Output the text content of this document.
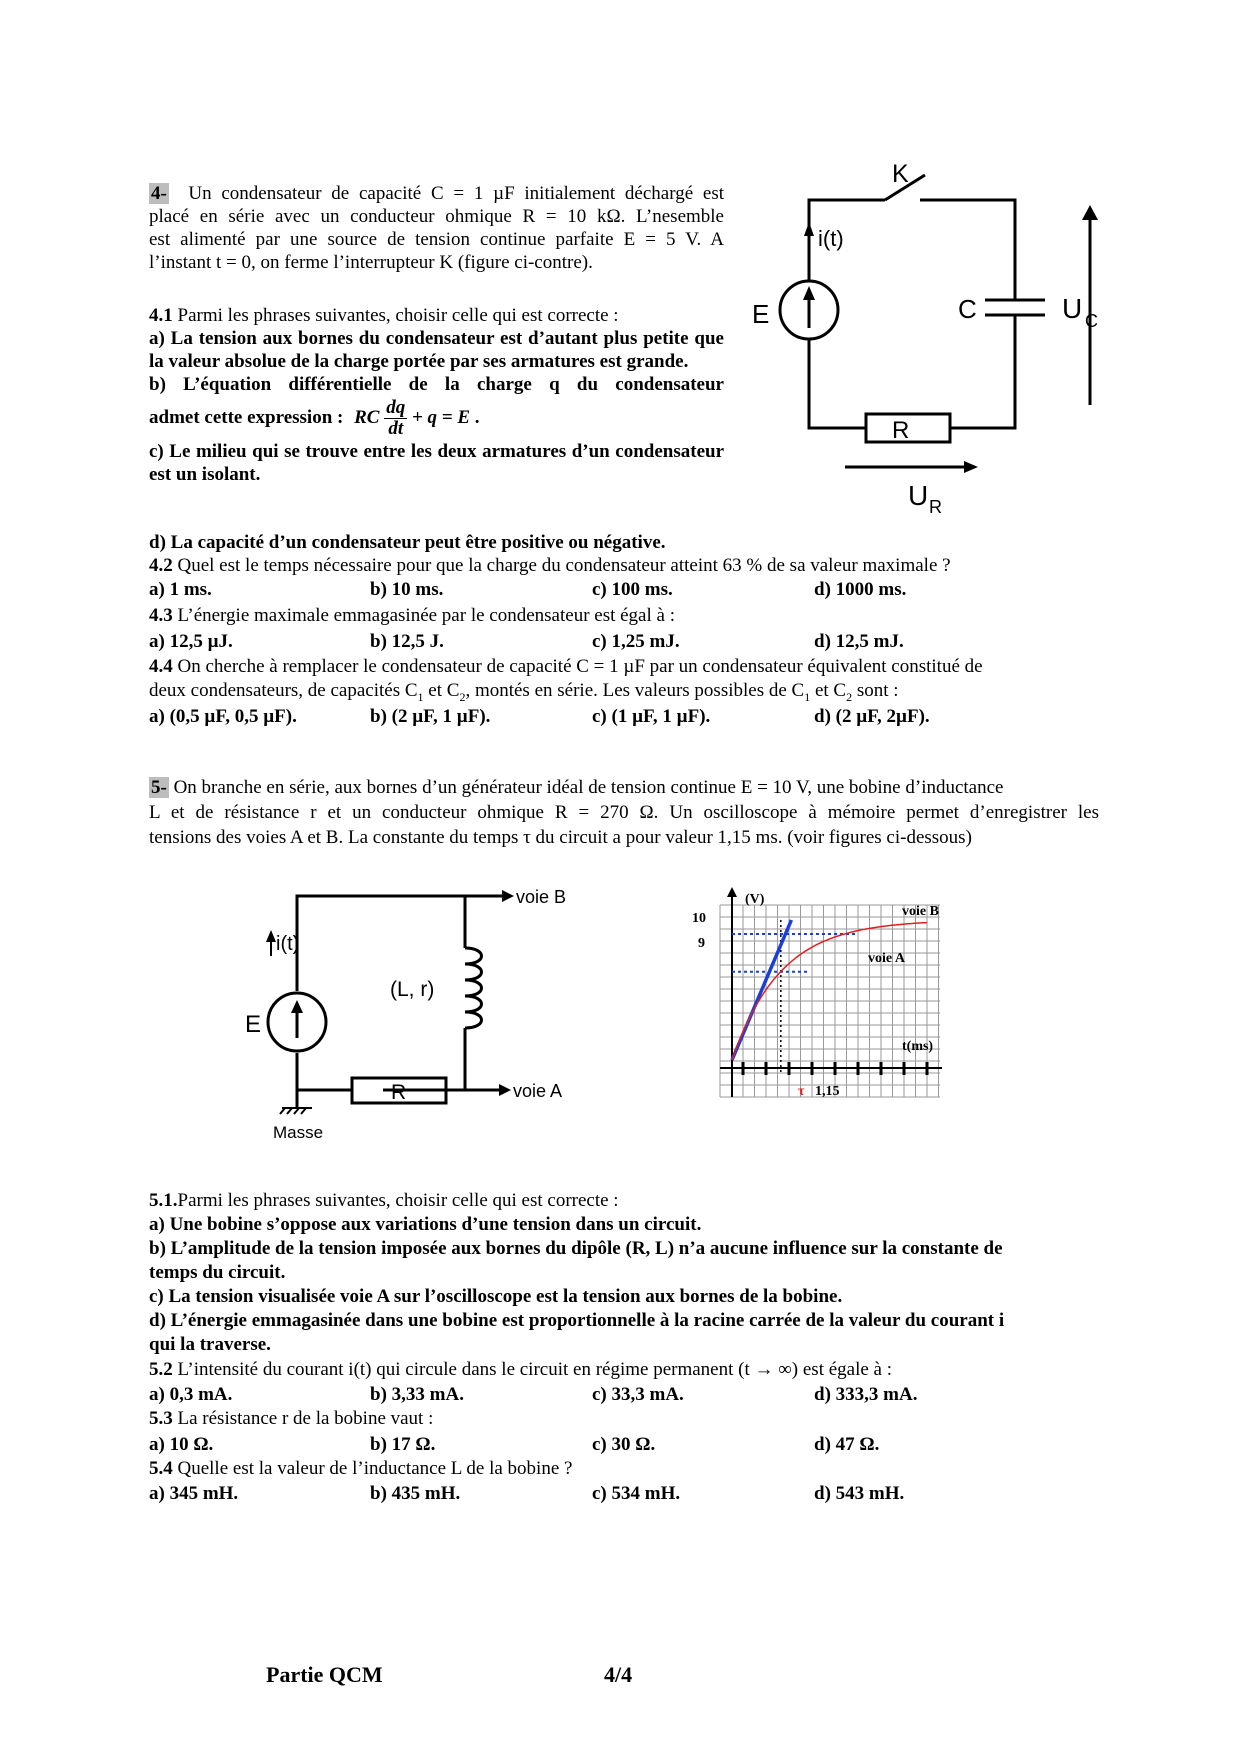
4- Un condensateur de capacité C = 1 µF initialement déchargé est
placé en série avec un conducteur ohmique R = 10 kΩ. L’nesemble
est alimenté par une source de tension continue parfaite E = 5 V. A
l’instant t = 0, on ferme l’interrupteur K (figure ci-contre).
4.1 Parmi les phrases suivantes, choisir celle qui est correcte :

a) La tension aux bornes du condensateur est d’autant plus petite que la valeur absolue de la charge portée par ses armatures est grande.

b) L’équation différentielle de la charge q du condensateur
admet cette expression : RC $\frac{dq}{dt} + q = E$ .

c) Le milieu qui se trouve entre les deux armatures d’un condensateur est un isolant.

d) La capacité d’un condensateur peut être positive ou négative.
K
i(t)
E	C
R
U C
U R
4.2 Quel est le temps nécessaire pour que la charge du condensateur atteint 63 % de sa valeur maximale ?
a) 1 ms.	b) 10 ms.	c) 100 ms.	d) 1000 ms.
4.3 L’énergie maximale emmagasinée par le condensateur est égal à :
a) 12,5 µJ.	b) 12,5 J.	c) 1,25 mJ.	d) 12,5 mJ.
4.4 On cherche à remplacer le condensateur de capacité C = 1 µF par un condensateur équivalent constitué de
deux condensateurs, de capacités $C_1$ et $C_2$, montés en série. Les valeurs possibles de $C_1$ et $C_2$ sont :
a) (0,5 µF, 0,5 µF).	b) (2 µF, 1 µF).	c) (1 µF, 1 µF).	d) (2 µF, 2µF).
5- On branche en série, aux bornes d’un générateur idéal de tension continue E = 10 V, une bobine d’inductance
L et de résistance r et un conducteur ohmique R = 270 Ω. Un oscilloscope à mémoire permet d’enregistrer les
tensions des voies A et B. La constante du temps τ du circuit a pour valeur 1,15 ms. (voir figures ci-dessous)
voie B
voie A
i(t)
E
(L, r)
R
Masse
10
9
(V)
t(ms)
voie B
voie A
τ 1,15
5.1.Parmi les phrases suivantes, choisir celle qui est correcte :
a) Une bobine s’oppose aux variations d’une tension dans un circuit.
b) L’amplitude de la tension imposée aux bornes du dipôle (R, L) n’a aucune influence sur la constante de
temps du circuit.
c) La tension visualisée voie A sur l’oscilloscope est la tension aux bornes de la bobine.
d) L’énergie emmagasinée dans une bobine est proportionnelle à la racine carrée de la valeur du courant i
qui la traverse.
5.2 L’intensité du courant i(t) qui circule dans le circuit en régime permanent (t → ∞) est égale à :
a) 0,3 mA.	b) 3,33 mA.	c) 33,3 mA.	d) 333,3 mA.
5.3 La résistance r de la bobine vaut :
a) 10 Ω.	b) 17 Ω.	c) 30 Ω.	d) 47 Ω.
5.4 Quelle est la valeur de l’inductance L de la bobine ?
a) 345 mH.	b) 435 mH.	c) 534 mH.	d) 543 mH.
Partie QCM	4/4
